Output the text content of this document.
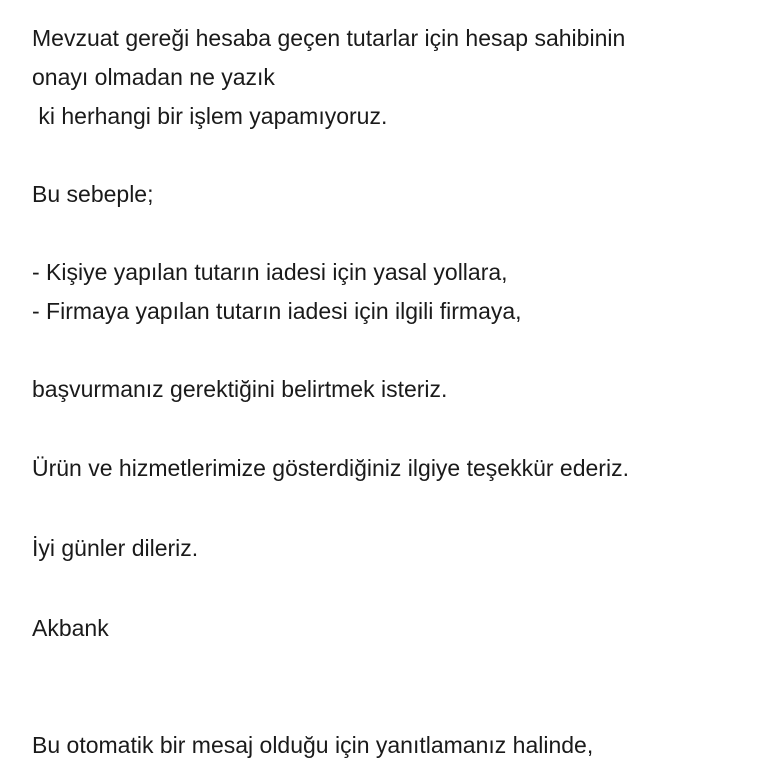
Mevzuat gereği hesaba geçen tutarlar için hesap sahibinin

onayı olmadan ne yazık

ki herhangi bir işlem yapamıyoruz.

Bu sebeple;

- Kişiye yapılan tutarın iadesi için yasal yollara,

- Firmaya yapılan tutarın iadesi için ilgili firmaya,

başvurmanız gerektiğini belirtmek isteriz.

Ürün ve hizmetlerimize gösterdiğiniz ilgiye teşekkür ederiz.

İyi günler dileriz.

Akbank

Bu otomatik bir mesaj olduğu için yanıtlamanız halinde,
